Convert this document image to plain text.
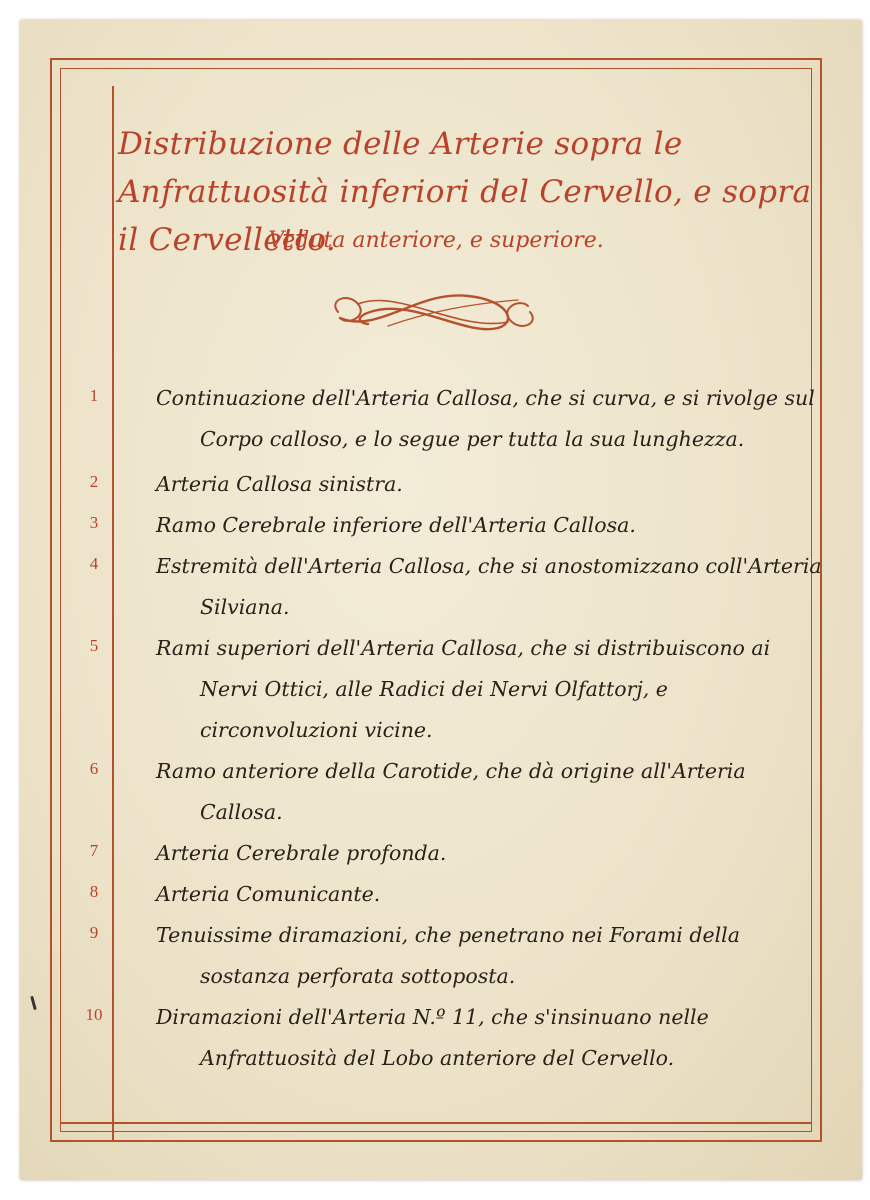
Distribuzione delle Arterie sopra le Anfrattuosità inferiori del Cervello, e sopra il Cervelletto.

Veduta anteriore, e superiore.

1	Continuazione dell'Arteria Callosa, che si curva, e si rivolge sul Corpo calloso, e lo segue per tutta la sua lunghezza.
2	Arteria Callosa sinistra.
3	Ramo Cerebrale inferiore dell'Arteria Callosa.
4	Estremità dell'Arteria Callosa, che si anostomizzano coll'Arteria Silviana.
5	Rami superiori dell'Arteria Callosa, che si distribuiscono ai Nervi Ottici, alle Radici dei Nervi Olfattorj, e circonvoluzioni vicine.
6	Ramo anteriore della Carotide, che dà origine all'Arteria Callosa.
7	Arteria Cerebrale profonda.
8	Arteria Comunicante.
9	Tenuissime diramazioni, che penetrano nei Forami della sostanza perforata sottoposta.
10	Diramazioni dell'Arteria N.º 11, che s'insinuano nelle Anfrattuosità del Lobo anteriore del Cervello.
